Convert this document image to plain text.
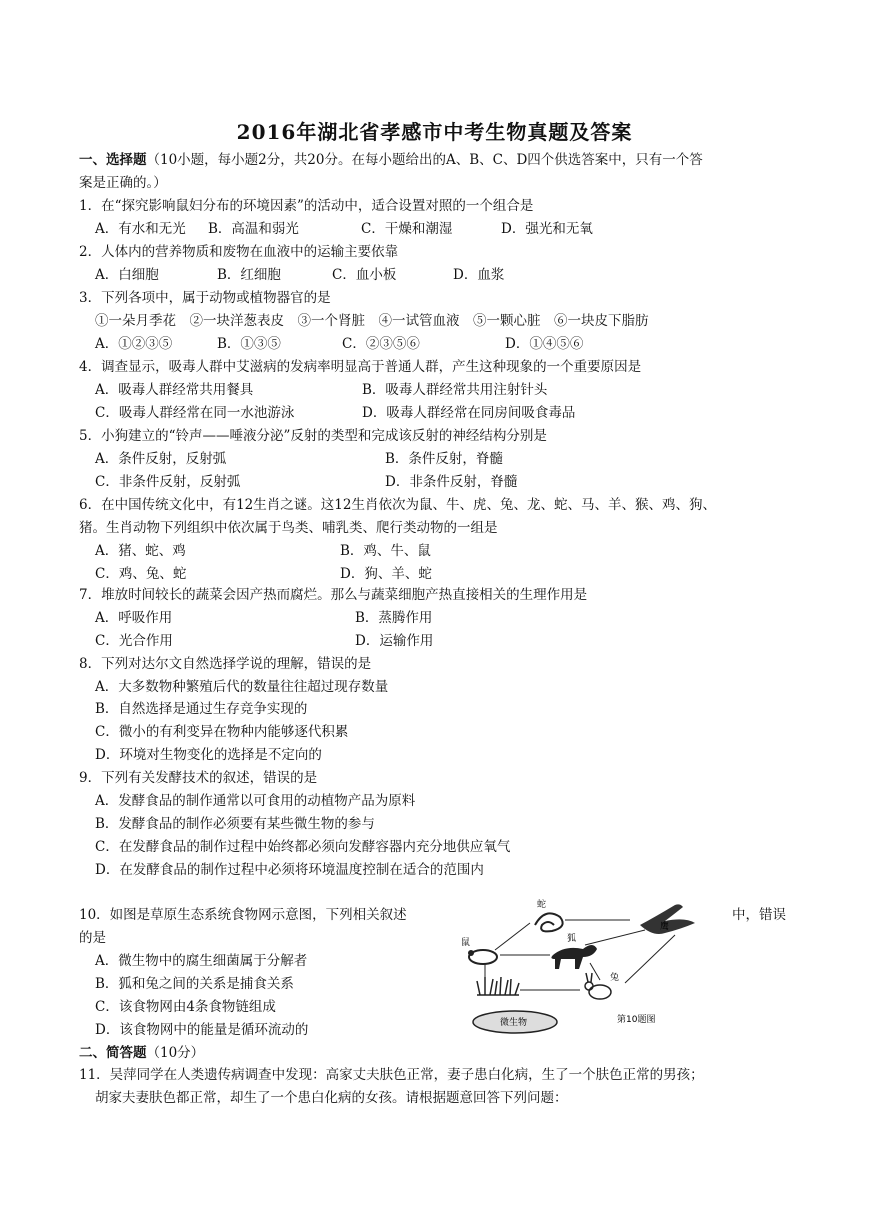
2016年湖北省孝感市中考生物真题及答案
一、选择题（10小题，每小题2分，共20分。在每小题给出的A、B、C、D四个供选答案中，只有一个答
案是正确的。）
1．在“探究影响鼠妇分布的环境因素”的活动中，适合设置对照的一个组合是
A．有水和无光 B．高温和弱光	C．干燥和潮湿	D．强光和无氧
2．人体内的营养物质和废物在血液中的运输主要依靠
A．白细胞	B．红细胞	C．血小板	D．血浆
3．下列各项中，属于动物或植物器官的是
①一朵月季花　②一块洋葱表皮　③一个肾脏　④一试管血液　⑤一颗心脏　⑥一块皮下脂肪
A．①②③⑤	B．①③⑤	C．②③⑤⑥	D．①④⑤⑥
4．调查显示，吸毒人群中艾滋病的发病率明显高于普通人群，产生这种现象的一个重要原因是
A．吸毒人群经常共用餐具	B．吸毒人群经常共用注射针头
C．吸毒人群经常在同一水池游泳	D．吸毒人群经常在同房间吸食毒品
5．小狗建立的“铃声——唾液分泌”反射的类型和完成该反射的神经结构分别是
A．条件反射，反射弧	B．条件反射，脊髓
C．非条件反射，反射弧	D．非条件反射，脊髓
6．在中国传统文化中，有12生肖之谜。这12生肖依次为鼠、牛、虎、兔、龙、蛇、马、羊、猴、鸡、狗、
猪。生肖动物下列组织中依次属于鸟类、哺乳类、爬行类动物的一组是
A．猪、蛇、鸡	B．鸡、牛、鼠
C．鸡、兔、蛇	D．狗、羊、蛇
7．堆放时间较长的蔬菜会因产热而腐烂。那么与蔬菜细胞产热直接相关的生理作用是
A．呼吸作用	B．蒸腾作用
C．光合作用	D．运输作用
8．下列对达尔文自然选择学说的理解，错误的是
A．大多数物种繁殖后代的数量往往超过现存数量
B．自然选择是通过生存竞争实现的
C．微小的有利变异在物种内能够逐代积累
D．环境对生物变化的选择是不定向的
9．下列有关发酵技术的叙述，错误的是
A．发酵食品的制作通常以可食用的动植物产品为原料
B．发酵食品的制作必须要有某些微生物的参与
C．在发酵食品的制作过程中始终都必须向发酵容器内充分地供应氧气
D．在发酵食品的制作过程中必须将环境温度控制在适合的范围内
10．如图是草原生态系统食物网示意图，下列相关叙述	中，错误
的是
A．微生物中的腐生细菌属于分解者
B．狐和兔之间的关系是捕食关系
C．该食物网由4条食物链组成
D．该食物网中的能量是循环流动的
蛇
鹰
鼠	狐
兔
微生物	第10题图
二、简答题（10分）
11．吴萍同学在人类遗传病调查中发现：高家丈夫肤色正常，妻子患白化病，生了一个肤色正常的男孩；
胡家夫妻肤色都正常，却生了一个患白化病的女孩。请根据题意回答下列问题：
